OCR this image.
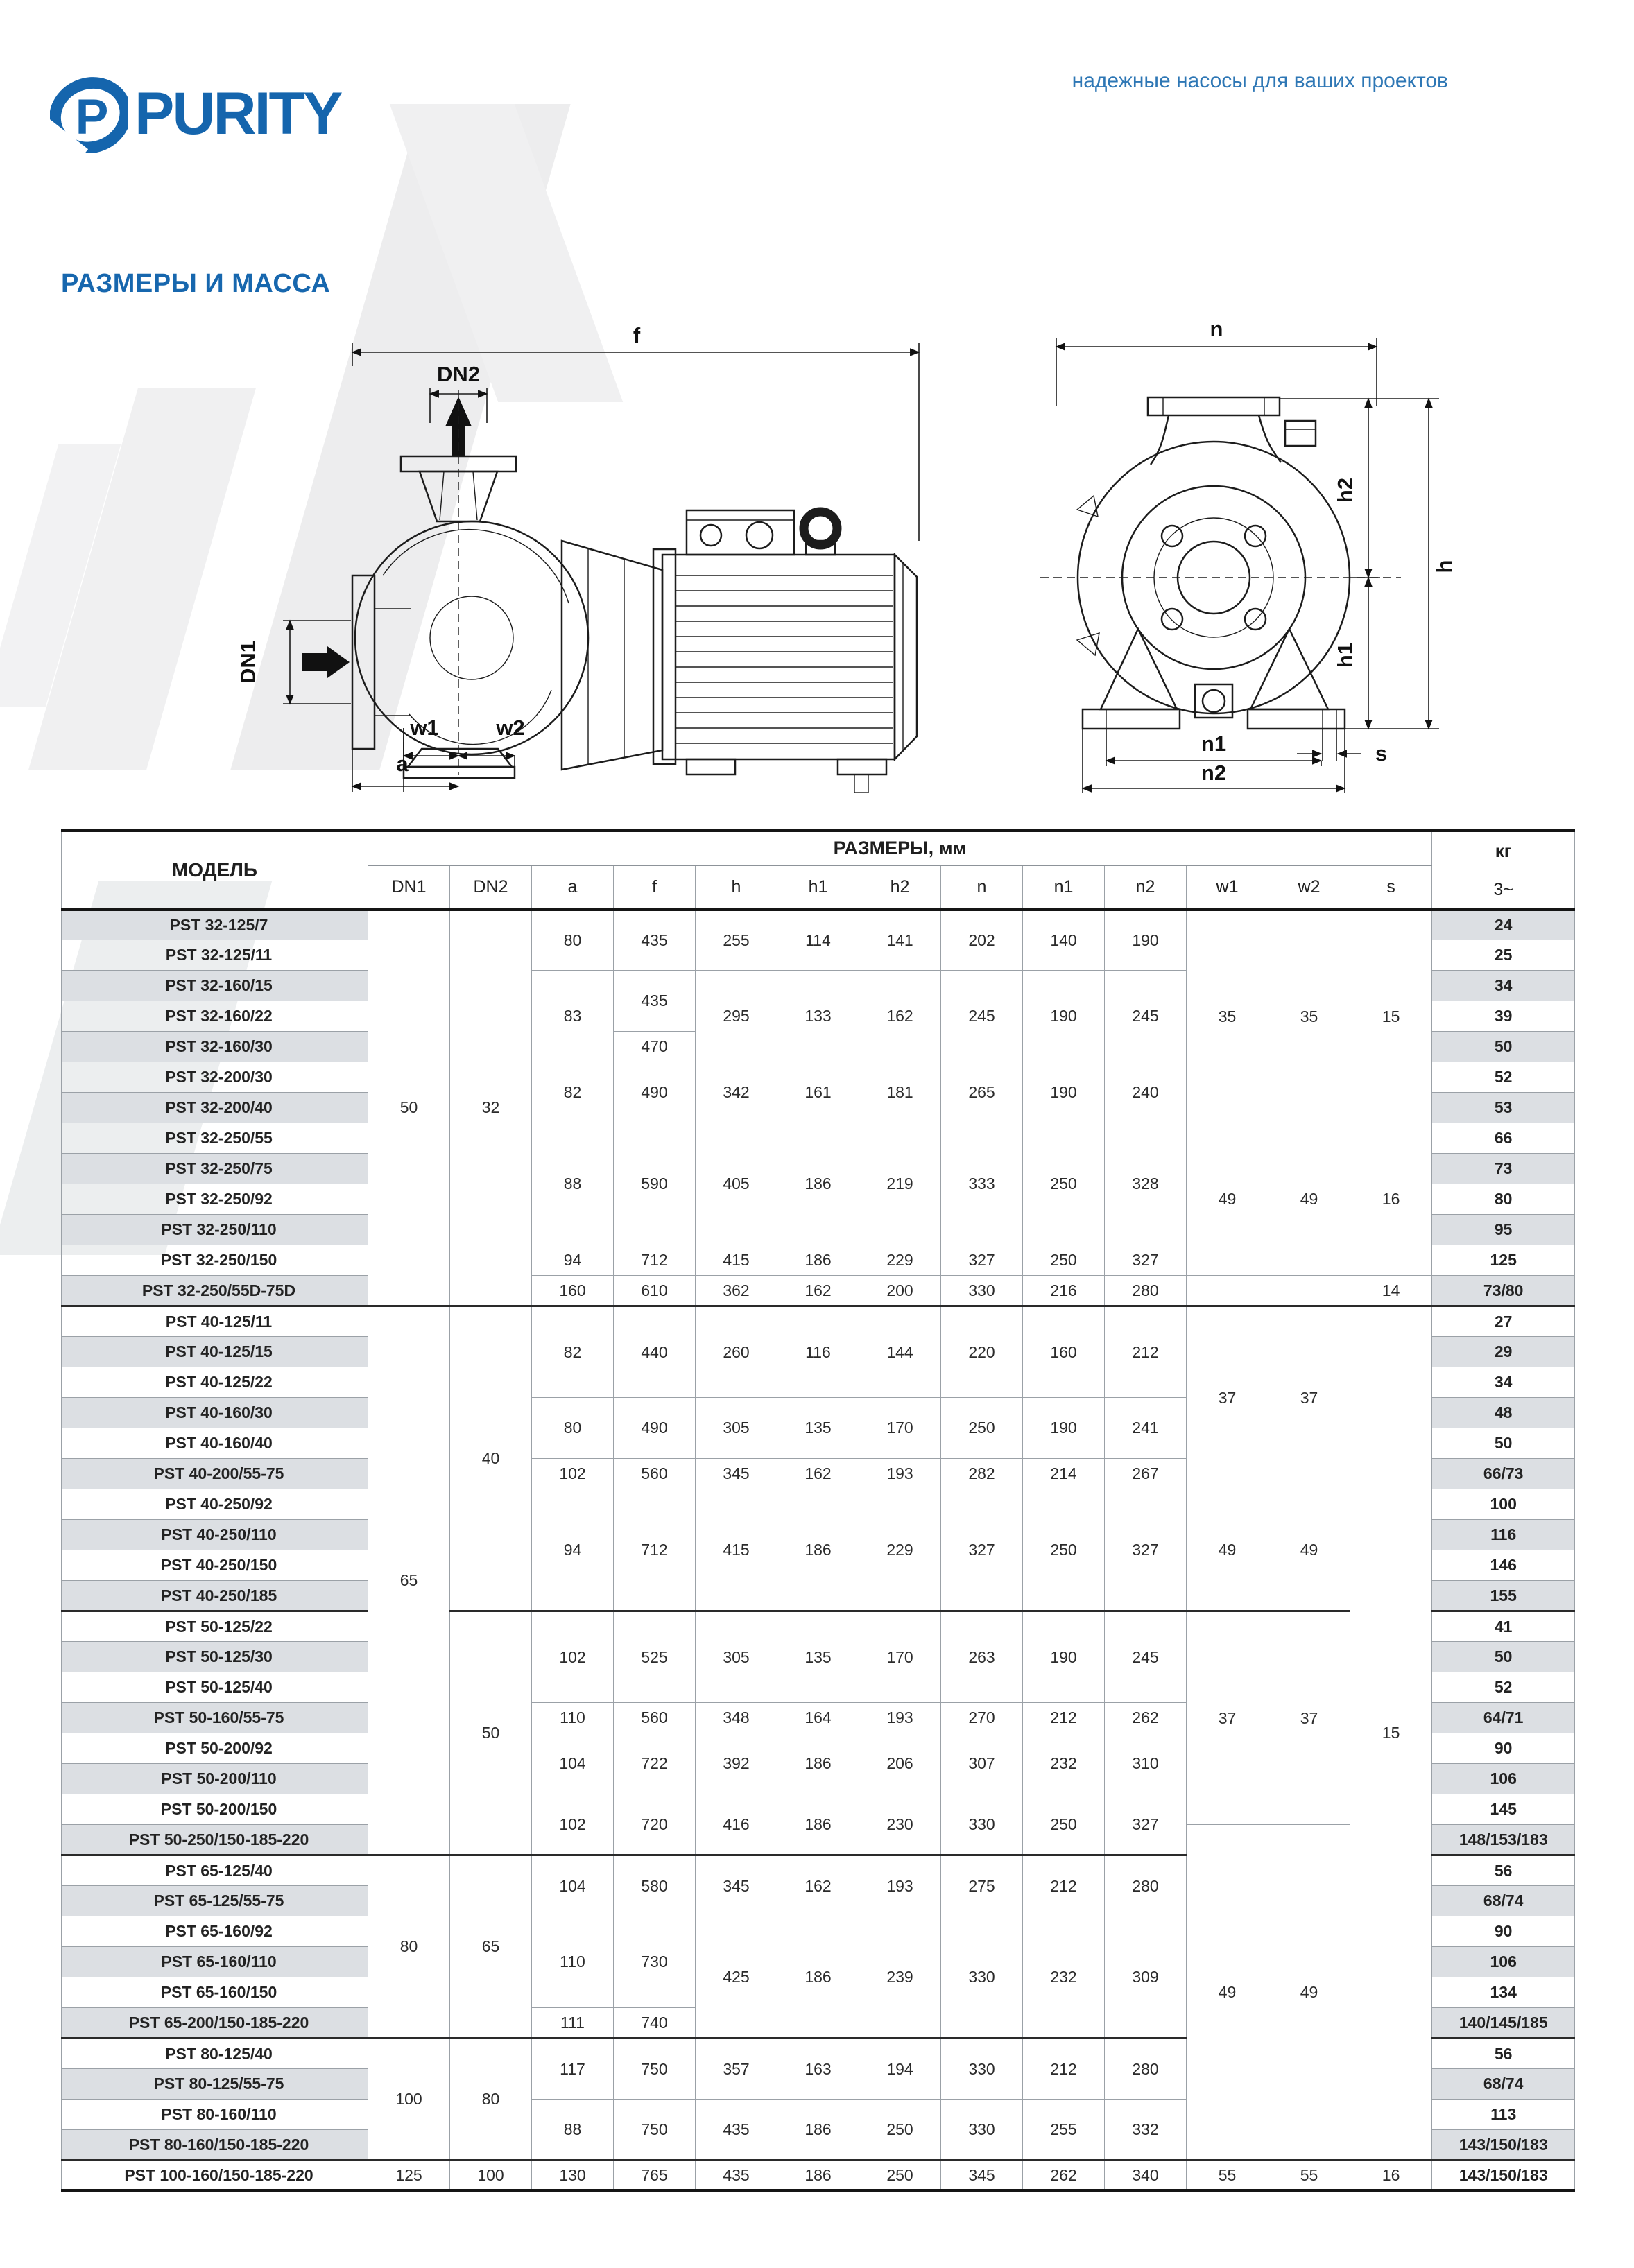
P PURITY	надежные насосы для ваших проектов
РАЗМЕРЫ И МАССА
f
DN2
DN1
w1	w2
a
n
h2
h1
h
s
n1
n2
МОДЕЛЬ	РАЗМЕРЫ, мм													кг
3~

	DN1	DN2	a	f	h	h1	h2	n	n1	n2	w1	w2	s	
PST 32-125/7	50	32	80	435	255	114	141	202	140	190	35	35	15	24
PST 32-125/11														25
PST 32-160/15			83	435	295	133	162	245	190	245				34
PST 32-160/22														39
PST 32-160/30				470										50
PST 32-200/30			82	490	342	161	181	265	190	240				52
PST 32-200/40														53
PST 32-250/55			88	590	405	186	219	333	250	328	49	49	16	66
PST 32-250/75														73
PST 32-250/92														80
PST 32-250/110														95
PST 32-250/150			94	712	415	186	229	327	250	327				125
PST 32-250/55D-75D			160	610	362	162	200	330	216	280			14	73/80
PST 40-125/11	65	40	82	440	260	116	144	220	160	212	37	37	15	27
PST 40-125/15														29
PST 40-125/22														34
PST 40-160/30			80	490	305	135	170	250	190	241				48
PST 40-160/40														50
PST 40-200/55-75			102	560	345	162	193	282	214	267				66/73
PST 40-250/92			94	712	415	186	229	327	250	327	49	49		100
PST 40-250/110														116
PST 40-250/150														146
PST 40-250/185														155
PST 50-125/22		50	102	525	305	135	170	263	190	245	37	37		41
PST 50-125/30														50
PST 50-125/40														52
PST 50-160/55-75			110	560	348	164	193	270	212	262				64/71
PST 50-200/92			104	722	392	186	206	307	232	310				90
PST 50-200/110														106
PST 50-200/150			102	720	416	186	230	330	250	327				145
PST 50-250/150-185-220											49	49		148/153/183
PST 65-125/40	80	65	104	580	345	162	193	275	212	280				56
PST 65-125/55-75														68/74
PST 65-160/92			110	730	425	186	239	330	232	309				90
PST 65-160/110														106
PST 65-160/150														134
PST 65-200/150-185-220			111	740										140/145/185
PST 80-125/40	100	80	117	750	357	163	194	330	212	280				56
PST 80-125/55-75														68/74
PST 80-160/110			88	750	435	186	250	330	255	332				113
PST 80-160/150-185-220														143/150/183
PST 100-160/150-185-220	125	100	130	765	435	186	250	345	262	340	55	55	16	143/150/183
